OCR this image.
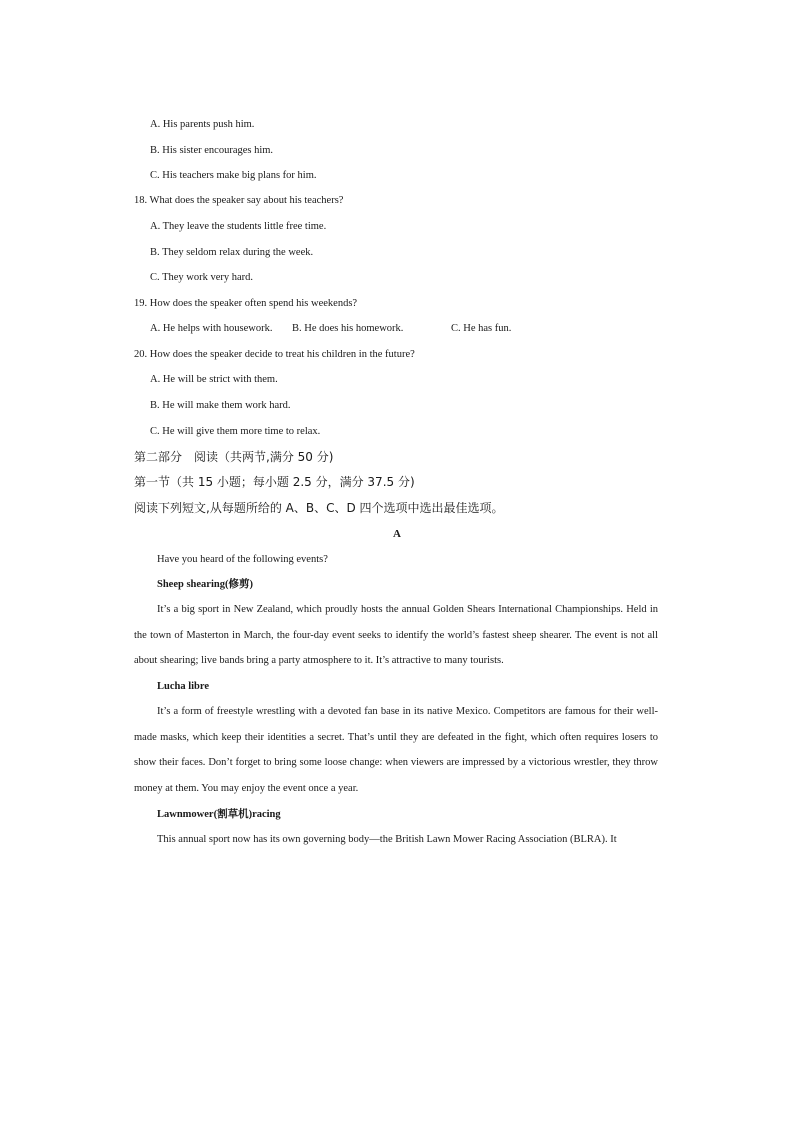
A. His parents push him.
B. His sister encourages him.
C. His teachers make big plans for him.
18. What does the speaker say about his teachers?
A. They leave the students little free time.
B. They seldom relax during the week.
C. They work very hard.
19. How does the speaker often spend his weekends?
A. He helps with housework. B. He does his homework.	C. He has fun.
20. How does the speaker decide to treat his children in the future?
A. He will be strict with them.
B. He will make them work hard.
C. He will give them more time to relax.
第二部分　阅读（共两节,满分 50 分)
第一节（共 15 小题；每小题 2.5 分，满分 37.5 分)
阅读下列短文,从每题所给的 A、B、C、D 四个选项中选出最佳选项。
A
Have you heard of the following events?
Sheep shearing(修剪)
It’s a big sport in New Zealand, which proudly hosts the annual Golden Shears International Championships. Held in the town of Masterton in March, the four-day event seeks to identify the world’s fastest sheep shearer. The event is not all about shearing; live bands bring a party atmosphere to it. It’s attractive to many tourists.
Lucha libre
It’s a form of freestyle wrestling with a devoted fan base in its native Mexico. Competitors are famous for their well-made masks, which keep their identities a secret. That’s until they are defeated in the fight, which often requires losers to show their faces. Don’t forget to bring some loose change: when viewers are impressed by a victorious wrestler, they throw money at them. You may enjoy the event once a year.
Lawnmower(割草机)racing
This annual sport now has its own governing body—the British Lawn Mower Racing Association (BLRA). It
